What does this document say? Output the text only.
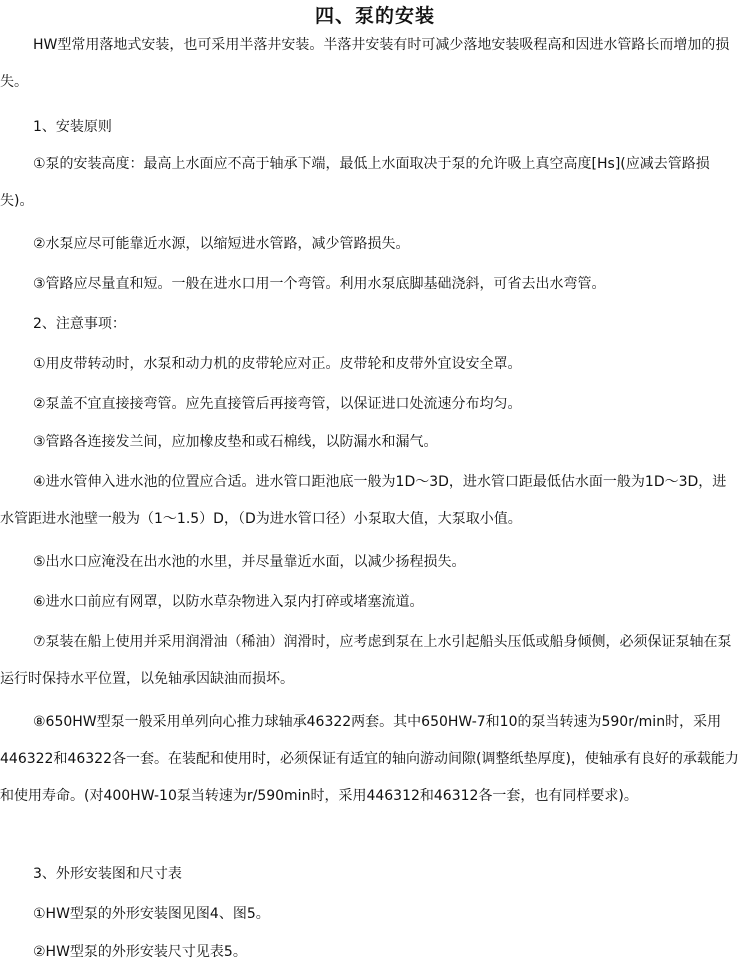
四、泵的安装

HW型常用落地式安装，也可采用半落井安装。半落井安装有时可减少落地安装吸程高和因进水管路长而增加的损失。

1、安装原则

①泵的安装高度：最高上水面应不高于轴承下端，最低上水面取决于泵的允许吸上真空高度[Hs](应减去管路损失)。

②水泵应尽可能靠近水源，以缩短进水管路，减少管路损失。

③管路应尽量直和短。一般在进水口用一个弯管。利用水泵底脚基础浇斜，可省去出水弯管。

2、注意事项：

①用皮带转动时，水泵和动力机的皮带轮应对正。皮带轮和皮带外宜设安全罩。

②泵盖不宜直接接弯管。应先直接管后再接弯管，以保证进口处流速分布均匀。

③管路各连接发兰间，应加橡皮垫和或石棉线，以防漏水和漏气。

④进水管伸入进水池的位置应合适。进水管口距池底一般为1D～3D，进水管口距最低估水面一般为1D～3D，进水管距进水池壁一般为（1～1.5）D，（D为进水管口径）小泵取大值，大泵取小值。

⑤出水口应淹没在出水池的水里，并尽量靠近水面，以减少扬程损失。

⑥进水口前应有网罩，以防水草杂物进入泵内打碎或堵塞流道。

⑦泵装在船上使用并采用润滑油（稀油）润滑时，应考虑到泵在上水引起船头压低或船身倾侧，必须保证泵轴在泵运行时保持水平位置，以免轴承因缺油而损坏。

⑧650HW型泵一般采用单列向心推力球轴承46322两套。其中650HW-7和10的泵当转速为590r/min时，采用446322和46322各一套。在装配和使用时，必须保证有适宜的轴向游动间隙(调整纸垫厚度)，使轴承有良好的承载能力和使用寿命。(对400HW-10泵当转速为r/590min时，采用446312和46312各一套，也有同样要求)。

3、外形安装图和尺寸表

①HW型泵的外形安装图见图4、图5。

②HW型泵的外形安装尺寸见表5。
